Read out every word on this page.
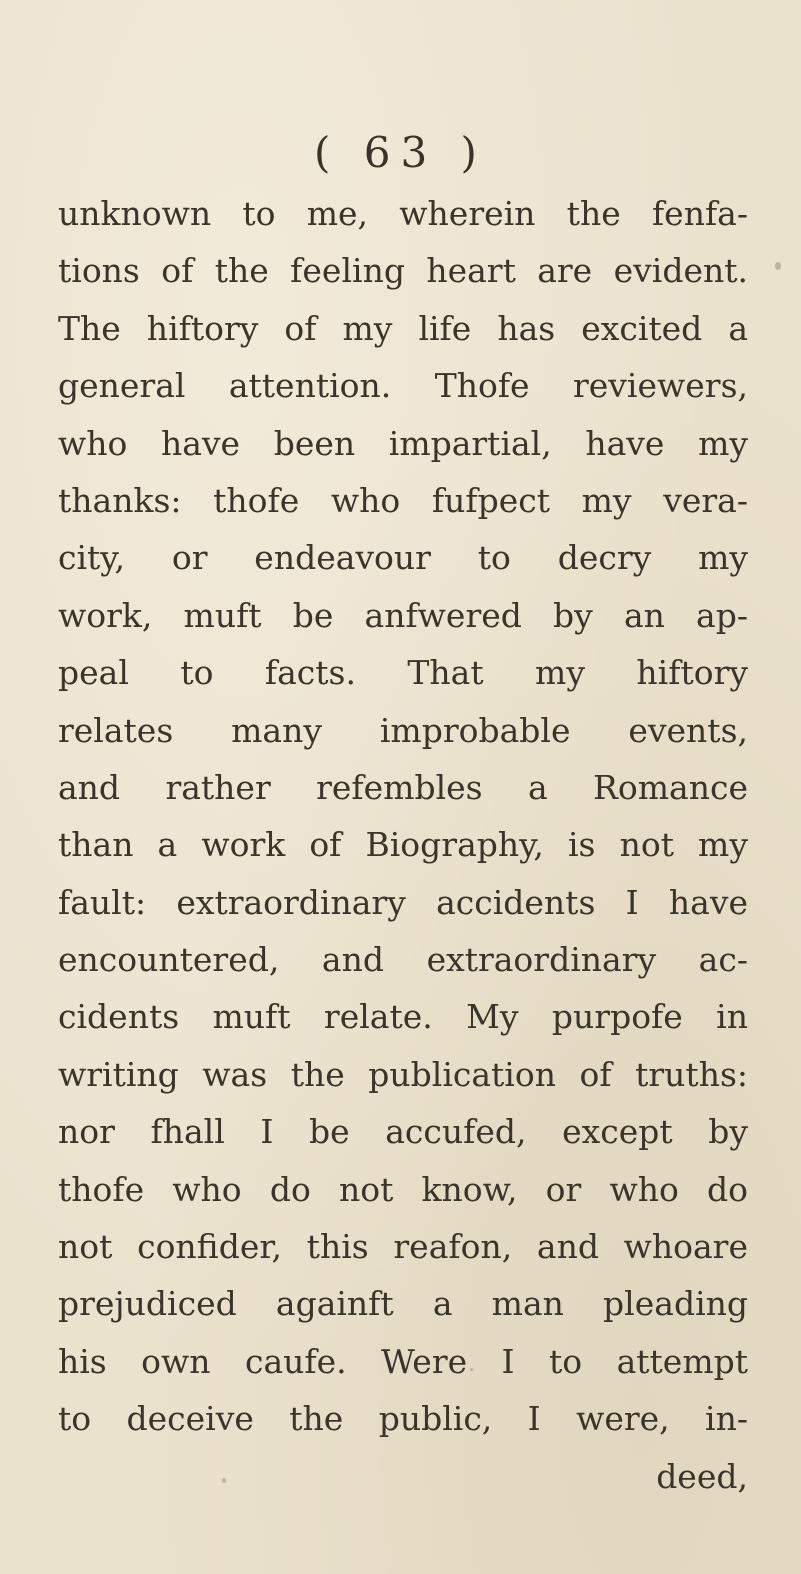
( 63 )
unknown to me, wherein the fenfa-
tions of the feeling heart are evident.
The hiftory of my life has excited a
general attention. Thofe reviewers,
who have been impartial, have my
thanks: thofe who fufpect my vera-
city, or endeavour to decry my
work, muft be anfwered by an ap-
peal to facts. That my hiftory
relates many improbable events,
and rather refembles a Romance
than a work of Biography, is not my
fault: extraordinary accidents I have
encountered, and extraordinary ac-
cidents muft relate. My purpofe in
writing was the publication of truths:
nor fhall I be accufed, except by
thofe who do not know, or who do
not confider, this reafon, and whoare
prejudiced againft a man pleading
his own caufe. Were I to attempt
to deceive the public, I were, in-
deed,
